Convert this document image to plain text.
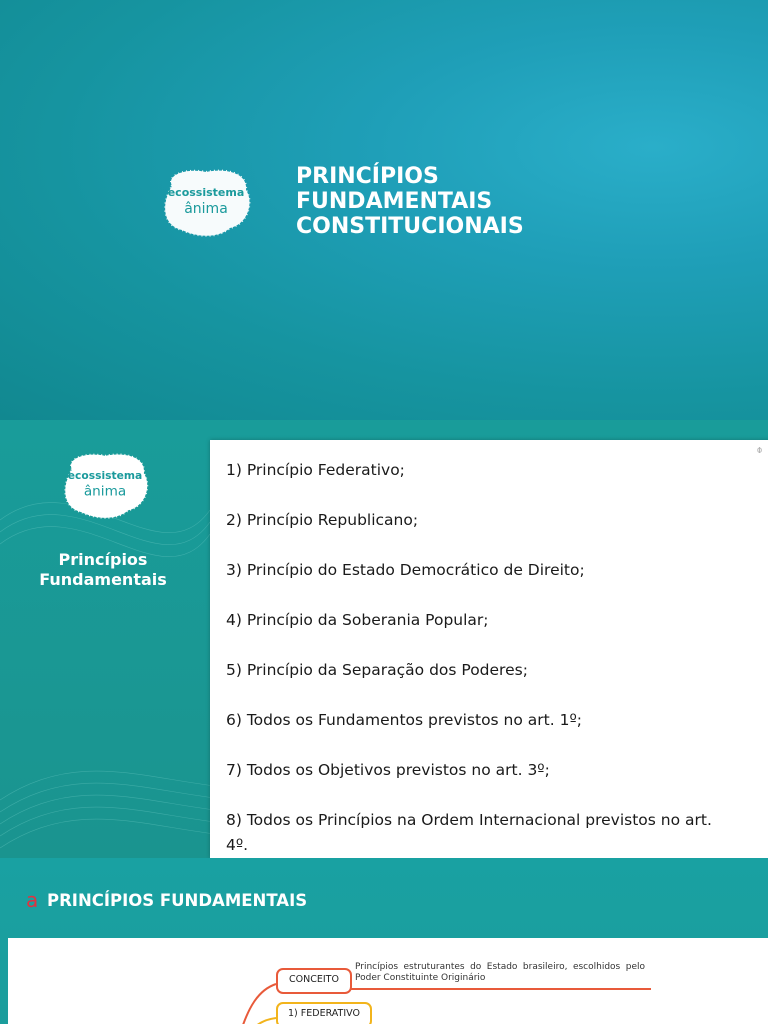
ecossistema
ânima
PRINCÍPIOS
FUNDAMENTAIS
CONSTITUCIONAIS
ecossistema
ânima
Princípios
Fundamentais
Ф
1) Princípio Federativo;
2) Princípio Republicano;
3) Princípio do Estado Democrático de Direito;
4) Princípio da Soberania Popular;
5) Princípio da Separação dos Poderes;
6) Todos os Fundamentos previstos no art. 1º;
7) Todos os Objetivos previstos no art. 3º;
8) Todos os Princípios na Ordem Internacional previstos no art. 4º.
a PRINCÍPIOS FUNDAMENTAIS
CONCEITO
1) FEDERATIVO
Princípios estruturantes do Estado brasileiro, escolhidos pelo Poder Constituinte Originário
